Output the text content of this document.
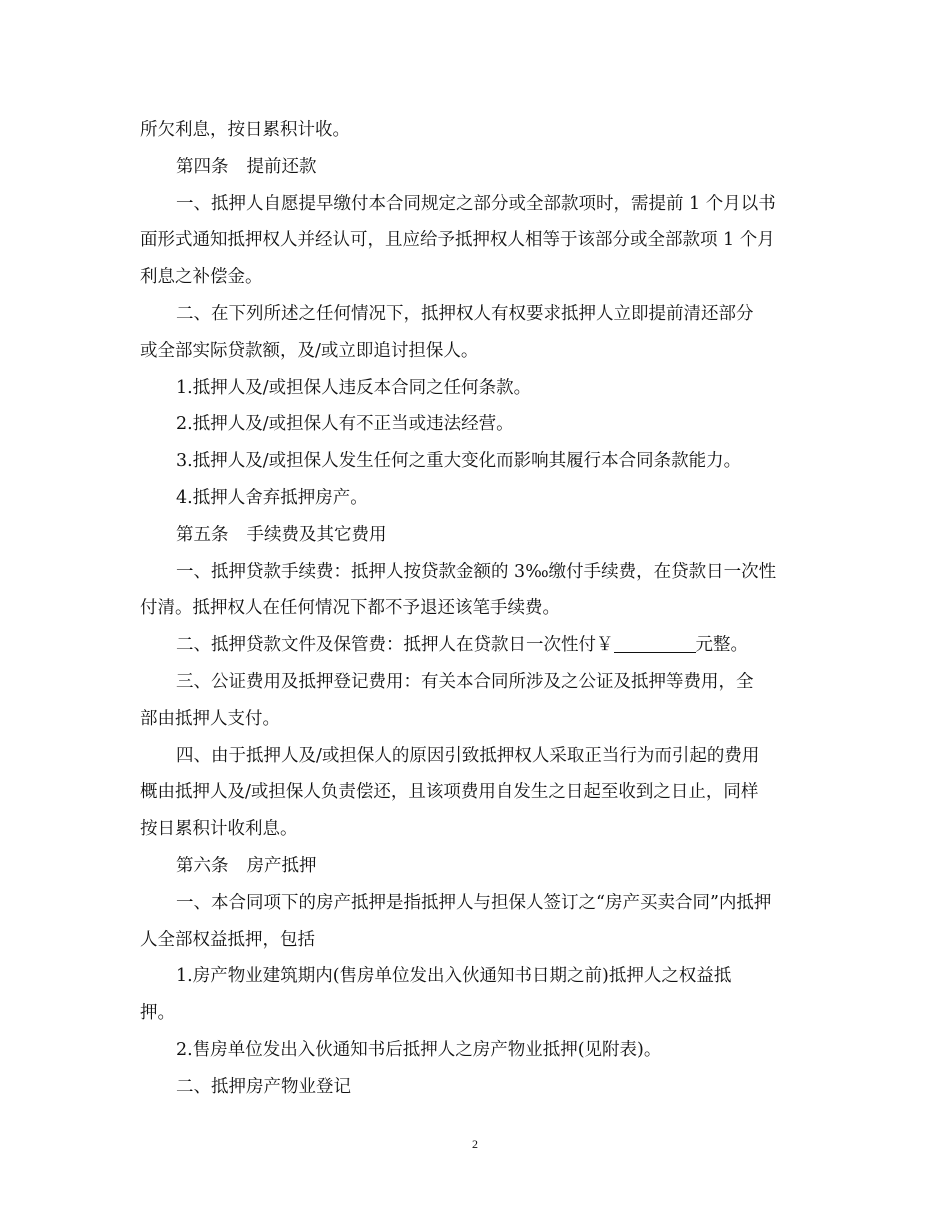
所欠利息，按日累积计收。
第四条 提前还款
一、抵押人自愿提早缴付本合同规定之部分或全部款项时，需提前 1 个月以书
面形式通知抵押权人并经认可，且应给予抵押权人相等于该部分或全部款项 1 个月
利息之补偿金。
二、在下列所述之任何情况下，抵押权人有权要求抵押人立即提前清还部分
或全部实际贷款额，及/或立即追讨担保人。
1.抵押人及/或担保人违反本合同之任何条款。
2.抵押人及/或担保人有不正当或违法经营。
3.抵押人及/或担保人发生任何之重大变化而影响其履行本合同条款能力。
4.抵押人舍弃抵押房产。
第五条 手续费及其它费用
一、抵押贷款手续费：抵押人按贷款金额的 3‰缴付手续费，在贷款日一次性
付清。抵押权人在任何情况下都不予退还该笔手续费。
二、抵押贷款文件及保管费：抵押人在贷款日一次性付￥	元整。
三、公证费用及抵押登记费用：有关本合同所涉及之公证及抵押等费用，全
部由抵押人支付。
四、由于抵押人及/或担保人的原因引致抵押权人采取正当行为而引起的费用
概由抵押人及/或担保人负责偿还，且该项费用自发生之日起至收到之日止，同样
按日累积计收利息。
第六条 房产抵押
一、本合同项下的房产抵押是指抵押人与担保人签订之“房产买卖合同”内抵押
人全部权益抵押，包括
1.房产物业建筑期内(售房单位发出入伙通知书日期之前)抵押人之权益抵
押。
2.售房单位发出入伙通知书后抵押人之房产物业抵押(见附表)。
二、抵押房产物业登记
2
